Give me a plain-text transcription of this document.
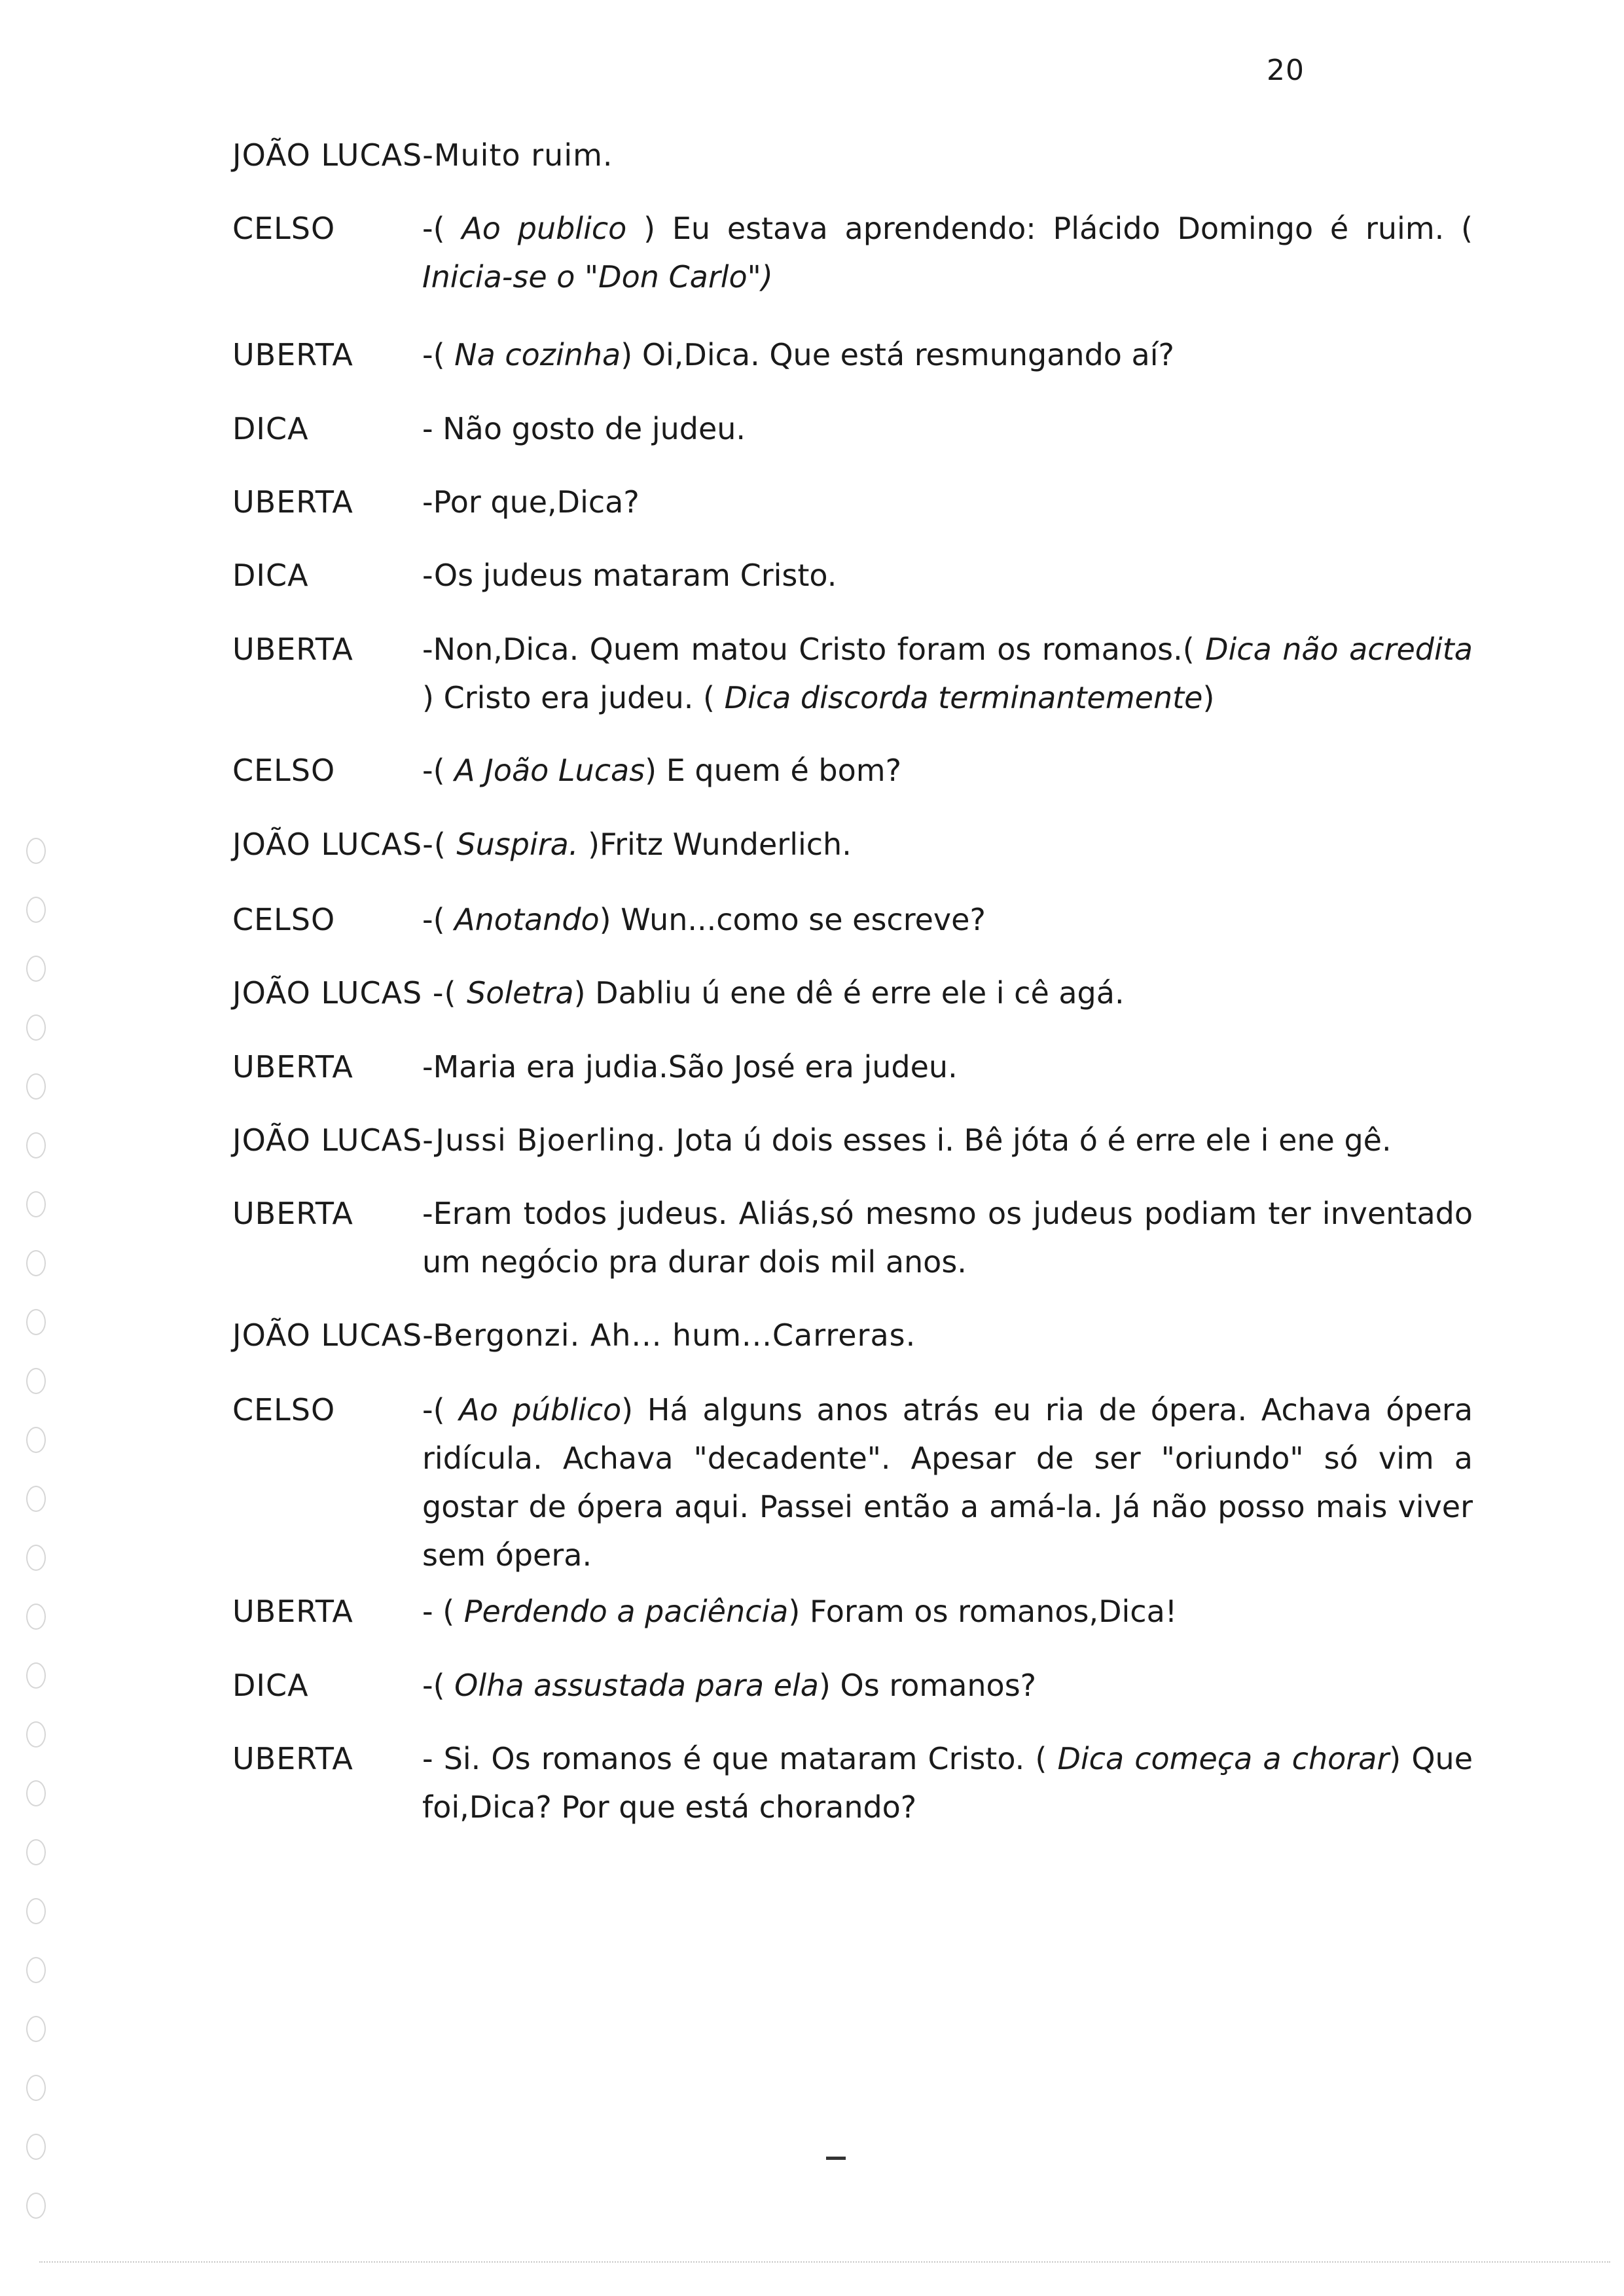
20
JOÃO LUCAS-Muito ruim.
CELSO	-( Ao publico ) Eu estava aprendendo: Plácido Domingo é ruim. ( Inicia-se o "Don Carlo")
UBERTA -( Na cozinha) Oi,Dica. Que está resmungando aí?
DICA	- Não gosto de judeu.
UBERTA -Por que,Dica?
DICA	-Os judeus mataram Cristo.
UBERTA -Non,Dica. Quem matou Cristo foram os romanos.( Dica não acredita ) Cristo era judeu. ( Dica discorda terminantemente)
CELSO	-( A João Lucas) E quem é bom?
JOÃO LUCAS-( Suspira. )Fritz Wunderlich.
CELSO	-( Anotando) Wun...como se escreve?
JOÃO LUCAS -( Soletra) Dabliu ú ene dê é erre ele i cê agá.
UBERTA -Maria era judia.São José era judeu.
JOÃO LUCAS-Jussi Bjoerling. Jota ú dois esses i. Bê jóta ó é erre ele i ene gê.
UBERTA -Eram todos judeus. Aliás,só mesmo os judeus podiam ter inventado um negócio pra durar dois mil anos.
JOÃO LUCAS-Bergonzi. Ah... hum...Carreras.
CELSO	-( Ao público) Há alguns anos atrás eu ria de ópera. Achava ópera ridícula. Achava "decadente". Apesar de ser "oriundo" só vim a gostar de ópera aqui. Passei então a amá-la. Já não posso mais viver sem ópera.
UBERTA - ( Perdendo a paciência) Foram os romanos,Dica!
DICA	-( Olha assustada para ela) Os romanos?
UBERTA - Si. Os romanos é que mataram Cristo. ( Dica começa a chorar) Que foi,Dica? Por que está chorando?
